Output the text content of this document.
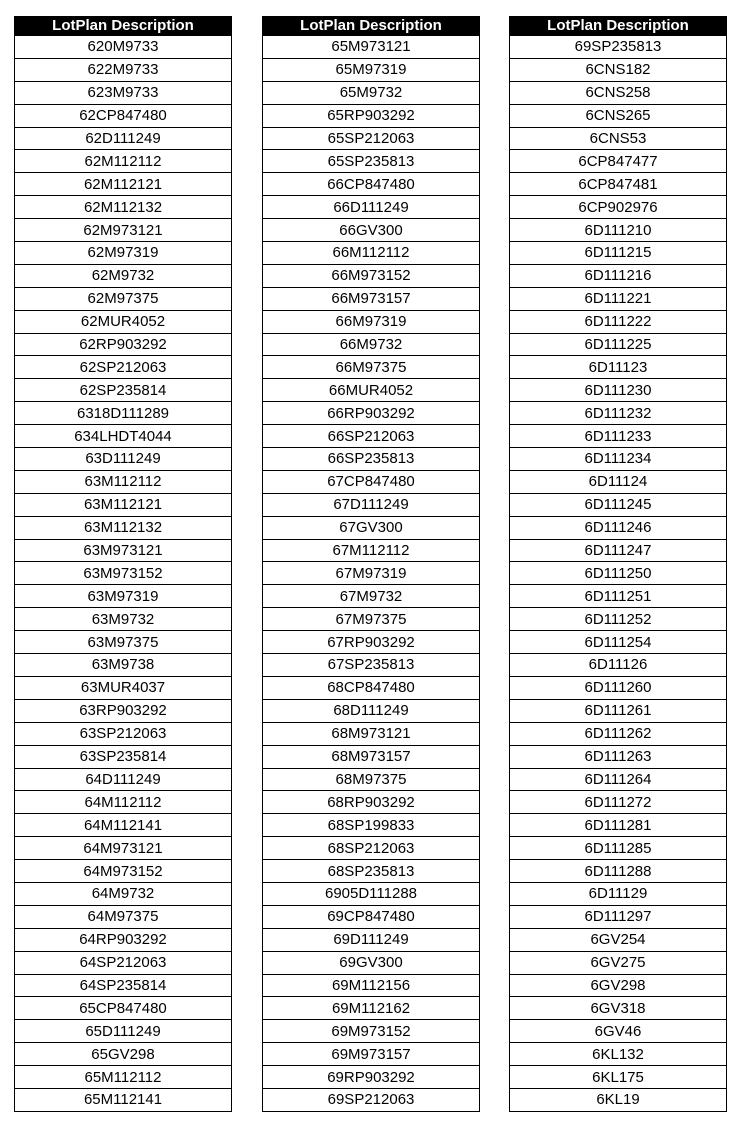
LotPlan Description
620M9733
622M9733
623M9733
62CP847480
62D111249
62M112112
62M112121
62M112132
62M973121
62M97319
62M9732
62M97375
62MUR4052
62RP903292
62SP212063
62SP235814
6318D111289
634LHDT4044
63D111249
63M112112
63M112121
63M112132
63M973121
63M973152
63M97319
63M9732
63M97375
63M9738
63MUR4037
63RP903292
63SP212063
63SP235814
64D111249
64M112112
64M112141
64M973121
64M973152
64M9732
64M97375
64RP903292
64SP212063
64SP235814
65CP847480
65D111249
65GV298
65M112112
65M112141
LotPlan Description
65M973121
65M97319
65M9732
65RP903292
65SP212063
65SP235813
66CP847480
66D111249
66GV300
66M112112
66M973152
66M973157
66M97319
66M9732
66M97375
66MUR4052
66RP903292
66SP212063
66SP235813
67CP847480
67D111249
67GV300
67M112112
67M97319
67M9732
67M97375
67RP903292
67SP235813
68CP847480
68D111249
68M973121
68M973157
68M97375
68RP903292
68SP199833
68SP212063
68SP235813
6905D111288
69CP847480
69D111249
69GV300
69M112156
69M112162
69M973152
69M973157
69RP903292
69SP212063
LotPlan Description
69SP235813
6CNS182
6CNS258
6CNS265
6CNS53
6CP847477
6CP847481
6CP902976
6D111210
6D111215
6D111216
6D111221
6D111222
6D111225
6D11123
6D111230
6D111232
6D111233
6D111234
6D11124
6D111245
6D111246
6D111247
6D111250
6D111251
6D111252
6D111254
6D11126
6D111260
6D111261
6D111262
6D111263
6D111264
6D111272
6D111281
6D111285
6D111288
6D11129
6D111297
6GV254
6GV275
6GV298
6GV318
6GV46
6KL132
6KL175
6KL19
